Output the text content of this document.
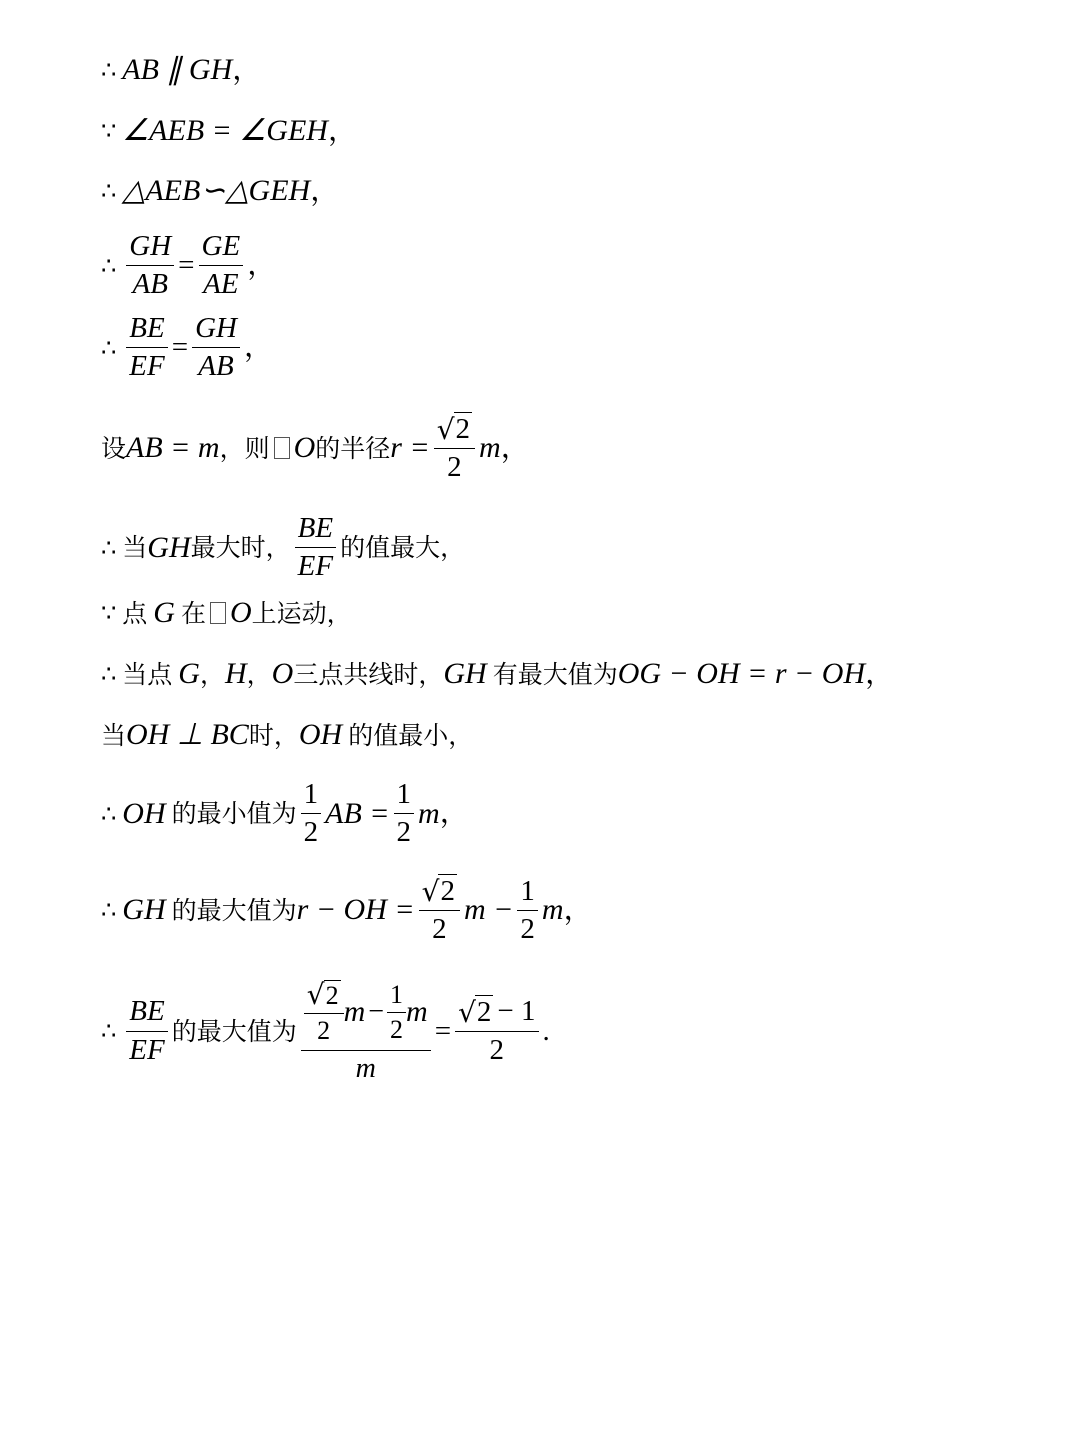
∴ AB ∥ GH ，
∵ ∠AEB = ∠GEH ，
∴ △AEB∽△GEH ，
∴ $\frac{GH}{AB} = \frac{GE}{AE}$ ，
∴ $\frac{BE}{EF} = \frac{GH}{AB}$ ，
设 AB = m ，则 O 的半径 $r = \frac{√ 2}{2}$ m ，
∴ 当 GH 最大时， $\frac{BE}{EF}$ 的值最大，
∵ 点 G 在 O 上运动，
∴ 当点 G ， H ， O 三点共线时， GH 有最大值为 OG − OH = r − OH ，
当 OH ⊥ BC 时， OH 的值最小，
∴ OH 的最小值为 $\frac{1}{2}$ AB = $\frac{1}{2}$ m ，
∴ GH 的最大值为 r − OH = $\frac{√ 2}{2}$ $m - \frac{1}{2}$ m ，
∴ $\frac{BE}{EF}$ 的最大值为 $\frac{√ 2}{2}$ $m - \frac{1}{2}$ m
m
= $\frac{√ 2 - 1}{2}$ .
